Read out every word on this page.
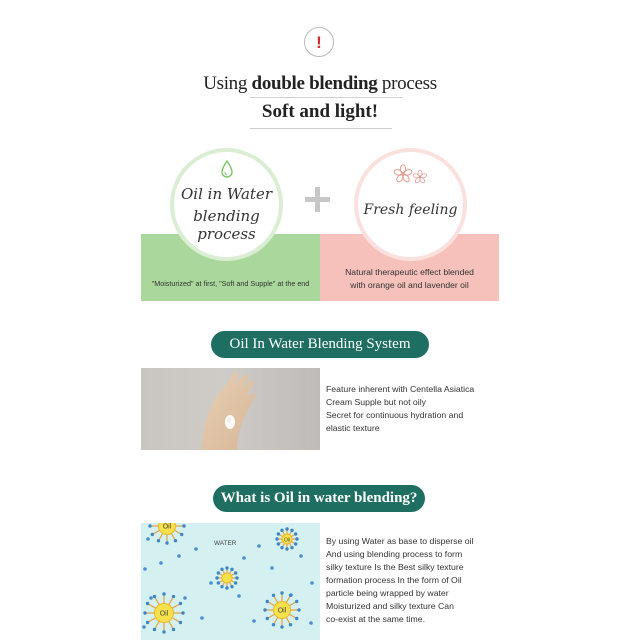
!
Using double blending process
Soft and light!
"Moisturized" at first, "Soft and Supple" at the end
Natural therapeutic effect blended
with orange oil and lavender oil
Oil in Water
blending process
Fresh feeling
Oil In Water Blending System
Feature inherent with Centella Asiatica
Cream Supple but not oily
Secret for continuous hydration and
elastic texture
What is Oil in water blending?
WATER
Oil
Oil
Oil	Oil
By using Water as base to disperse oil
And using blending process to form
silky texture Is the Best silky texture
formation process In the form of Oil
particle being wrapped by water
Moisturized and silky texture Can
co-exist at the same time.
